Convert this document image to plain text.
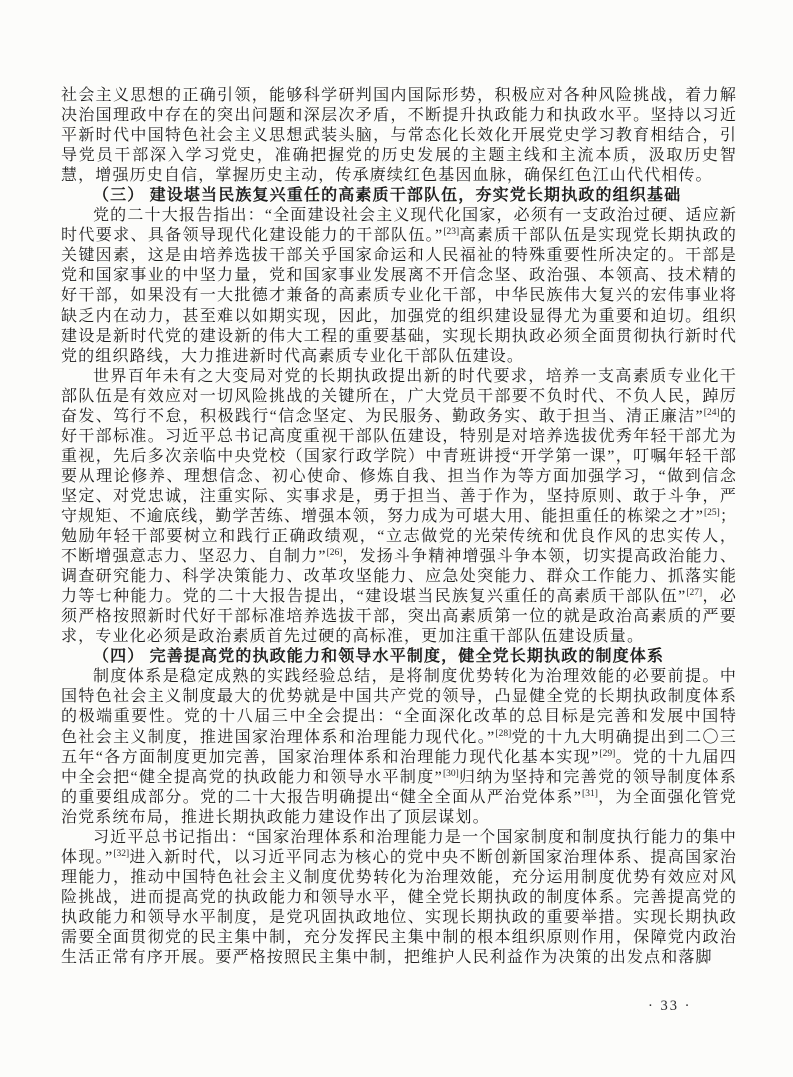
社会主义思想的正确引领，能够科学研判国内国际形势，积极应对各种风险挑战，着力解决治国理政中存在的突出问题和深层次矛盾，不断提升执政能力和执政水平。坚持以习近平新时代中国特色社会主义思想武装头脑，与常态化长效化开展党史学习教育相结合，引导党员干部深入学习党史，准确把握党的历史发展的主题主线和主流本质，汲取历史智慧，增强历史自信，掌握历史主动，传承赓续红色基因血脉，确保红色江山代代相传。

（三） 建设堪当民族复兴重任的高素质干部队伍，夯实党长期执政的组织基础

党的二十大报告指出：“全面建设社会主义现代化国家，必须有一支政治过硬、适应新时代要求、具备领导现代化建设能力的干部队伍。”[23]高素质干部队伍是实现党长期执政的关键因素，这是由培养选拔干部关乎国家命运和人民福祉的特殊重要性所决定的。干部是党和国家事业的中坚力量，党和国家事业发展离不开信念坚、政治强、本领高、技术精的好干部，如果没有一大批德才兼备的高素质专业化干部，中华民族伟大复兴的宏伟事业将缺乏内在动力，甚至难以如期实现，因此，加强党的组织建设显得尤为重要和迫切。组织建设是新时代党的建设新的伟大工程的重要基础，实现长期执政必须全面贯彻执行新时代党的组织路线，大力推进新时代高素质专业化干部队伍建设。

世界百年未有之大变局对党的长期执政提出新的时代要求，培养一支高素质专业化干部队伍是有效应对一切风险挑战的关键所在，广大党员干部要不负时代、不负人民，踔厉奋发、笃行不怠，积极践行“信念坚定、为民服务、勤政务实、敢于担当、清正廉洁”[24]的好干部标准。习近平总书记高度重视干部队伍建设，特别是对培养选拔优秀年轻干部尤为重视，先后多次亲临中央党校（国家行政学院）中青班讲授“开学第一课”，叮嘱年轻干部要从理论修养、理想信念、初心使命、修炼自我、担当作为等方面加强学习，“做到信念坚定、对党忠诚，注重实际、实事求是，勇于担当、善于作为，坚持原则、敢于斗争，严守规矩、不逾底线，勤学苦练、增强本领，努力成为可堪大用、能担重任的栋梁之才”[25]；勉励年轻干部要树立和践行正确政绩观，“立志做党的光荣传统和优良作风的忠实传人，不断增强意志力、坚忍力、自制力”[26]，发扬斗争精神增强斗争本领，切实提高政治能力、调查研究能力、科学决策能力、改革攻坚能力、应急处突能力、群众工作能力、抓落实能力等七种能力。党的二十大报告提出，“建设堪当民族复兴重任的高素质干部队伍”[27]，必须严格按照新时代好干部标准培养选拔干部，突出高素质第一位的就是政治高素质的严要求，专业化必须是政治素质首先过硬的高标准，更加注重干部队伍建设质量。

（四） 完善提高党的执政能力和领导水平制度，健全党长期执政的制度体系

制度体系是稳定成熟的实践经验总结，是将制度优势转化为治理效能的必要前提。中国特色社会主义制度最大的优势就是中国共产党的领导，凸显健全党的长期执政制度体系的极端重要性。党的十八届三中全会提出：“全面深化改革的总目标是完善和发展中国特色社会主义制度，推进国家治理体系和治理能力现代化。”[28]党的十九大明确提出到二〇三五年“各方面制度更加完善，国家治理体系和治理能力现代化基本实现”[29]。党的十九届四中全会把“健全提高党的执政能力和领导水平制度”[30]归纳为坚持和完善党的领导制度体系的重要组成部分。党的二十大报告明确提出“健全全面从严治党体系”[31]，为全面强化管党治党系统布局，推进长期执政能力建设作出了顶层谋划。

习近平总书记指出：“国家治理体系和治理能力是一个国家制度和制度执行能力的集中体现。”[32]进入新时代，以习近平同志为核心的党中央不断创新国家治理体系、提高国家治理能力，推动中国特色社会主义制度优势转化为治理效能，充分运用制度优势有效应对风险挑战，进而提高党的执政能力和领导水平，健全党长期执政的制度体系。完善提高党的执政能力和领导水平制度，是党巩固执政地位、实现长期执政的重要举措。实现长期执政需要全面贯彻党的民主集中制，充分发挥民主集中制的根本组织原则作用，保障党内政治生活正常有序开展。要严格按照民主集中制，把维护人民利益作为决策的出发点和落脚

· 33 ·
